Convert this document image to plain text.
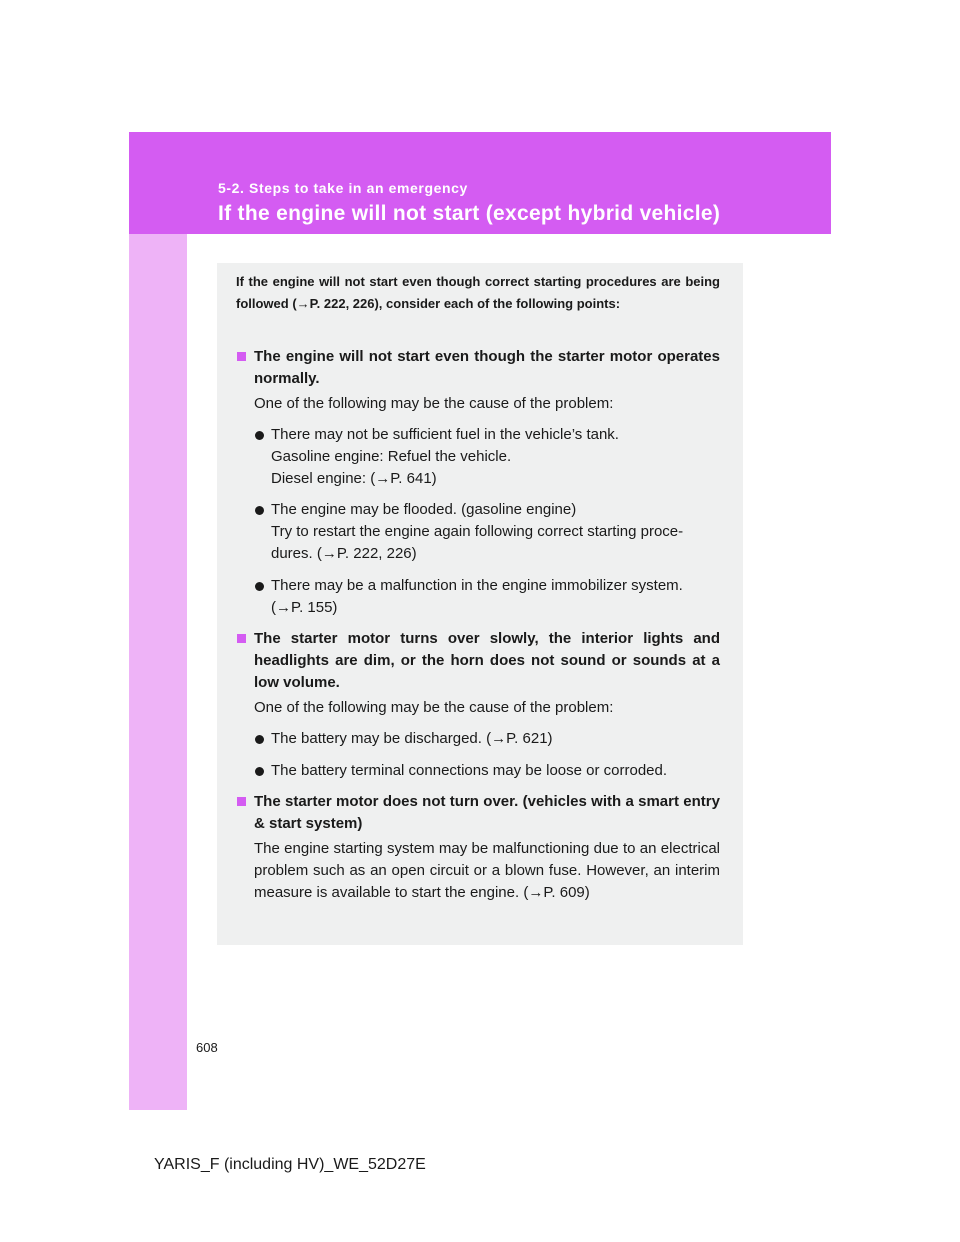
5-2. Steps to take in an emergency
If the engine will not start (except hybrid vehicle)
If the engine will not start even though correct starting procedures are being followed (→P. 222, 226), consider each of the following points:
The engine will not start even though the starter motor operates normally.
One of the following may be the cause of the problem:
There may not be sufficient fuel in the vehicle’s tank.
Gasoline engine: Refuel the vehicle.
Diesel engine: (→P. 641)
The engine may be flooded. (gasoline engine)
Try to restart the engine again following correct starting proce-
dures. (→P. 222, 226)
There may be a malfunction in the engine immobilizer system.
(→P. 155)
The starter motor turns over slowly, the interior lights and headlights are dim, or the horn does not sound or sounds at a low volume.
One of the following may be the cause of the problem:
The battery may be discharged. (→P. 621)
The battery terminal connections may be loose or corroded.
The starter motor does not turn over. (vehicles with a smart entry & start system)
The engine starting system may be malfunctioning due to an electrical problem such as an open circuit or a blown fuse. However, an interim measure is available to start the engine. (→P. 609)
608
YARIS_F (including HV)_WE_52D27E
